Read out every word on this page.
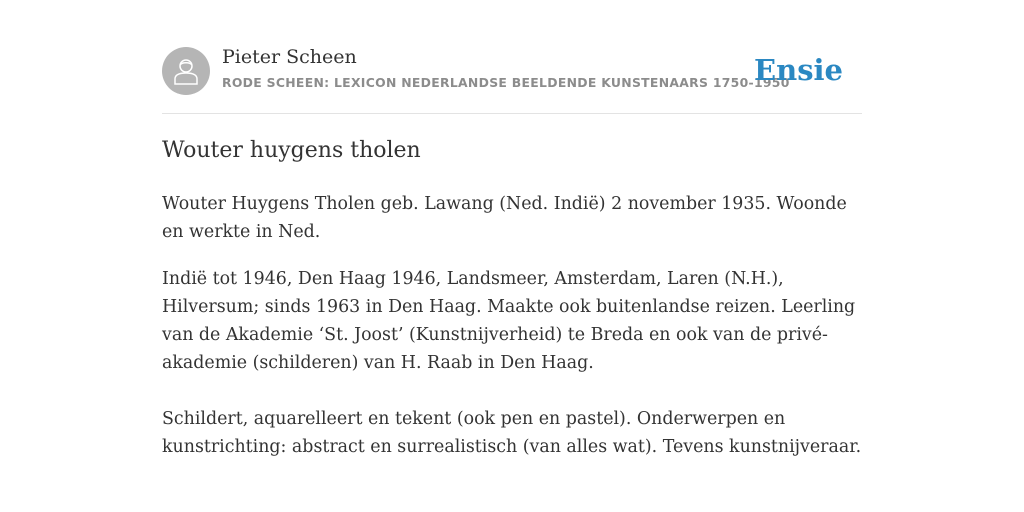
Pieter Scheen
RODE SCHEEN: LEXICON NEDERLANDSE BEELDENDE KUNSTENAARS 1750-1950
Ensie
Wouter huygens tholen

Wouter Huygens Tholen geb. Lawang (Ned. Indië) 2 november 1935. Woonde en werkte in Ned.

Indië tot 1946, Den Haag 1946, Landsmeer, Amsterdam, Laren (N.H.), Hilversum; sinds 1963 in Den Haag. Maakte ook buitenlandse reizen. Leerling van de Akademie ‘St. Joost’ (Kunstnijverheid) te Breda en ook van de privé-akademie (schilderen) van H. Raab in Den Haag.

Schildert, aquarelleert en tekent (ook pen en pastel). Onderwerpen en kunstrichting: abstract en surrealistisch (van alles wat). Tevens kunstnijveraar.
